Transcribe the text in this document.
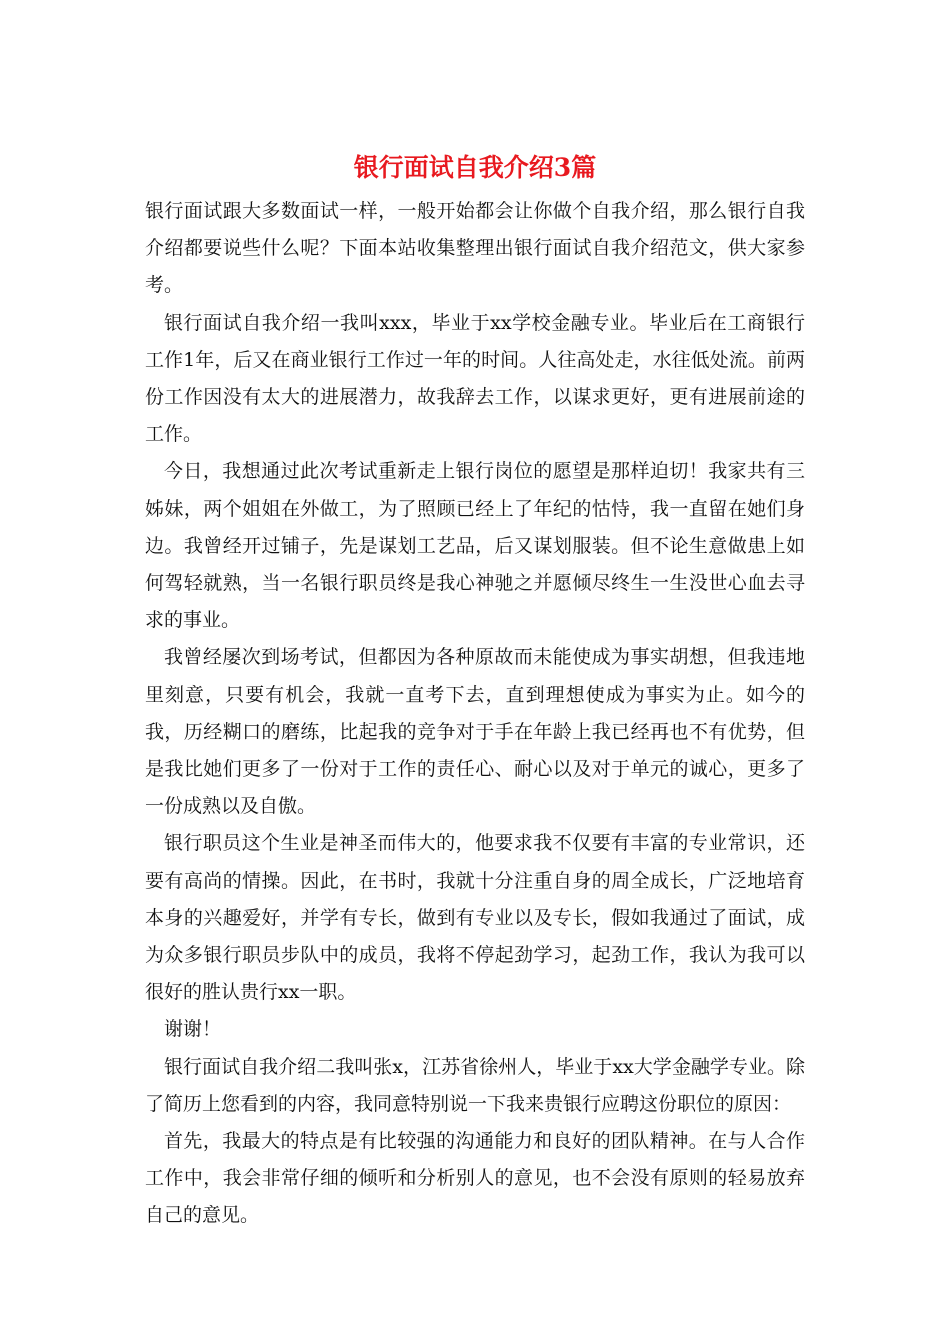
银行面试自我介绍3篇

银行面试跟大多数面试一样，一般开始都会让你做个自我介绍，那么银行自我介绍都要说些什么呢？下面本站收集整理出银行面试自我介绍范文，供大家参考。

银行面试自我介绍一我叫xxx，毕业于xx学校金融专业。毕业后在工商银行工作1年，后又在商业银行工作过一年的时间。人往高处走，水往低处流。前两份工作因没有太大的进展潜力，故我辞去工作，以谋求更好，更有进展前途的工作。

今日，我想通过此次考试重新走上银行岗位的愿望是那样迫切！我家共有三姊妹，两个姐姐在外做工，为了照顾已经上了年纪的怙恃，我一直留在她们身边。我曾经开过铺子，先是谋划工艺品，后又谋划服装。但不论生意做患上如何驾轻就熟，当一名银行职员终是我心神驰之并愿倾尽终生一生没世心血去寻求的事业。

我曾经屡次到场考试，但都因为各种原故而未能使成为事实胡想，但我违地里刻意，只要有机会，我就一直考下去，直到理想使成为事实为止。如今的我，历经糊口的磨练，比起我的竞争对于手在年龄上我已经再也不有优势，但是我比她们更多了一份对于工作的责任心、耐心以及对于单元的诚心，更多了一份成熟以及自傲。

银行职员这个生业是神圣而伟大的，他要求我不仅要有丰富的专业常识，还要有高尚的情操。因此，在书时，我就十分注重自身的周全成长，广泛地培育本身的兴趣爱好，并学有专长，做到有专业以及专长，假如我通过了面试，成为众多银行职员步队中的成员，我将不停起劲学习，起劲工作，我认为我可以很好的胜认贵行xx一职。

谢谢！

银行面试自我介绍二我叫张x，江苏省徐州人，毕业于xx大学金融学专业。除了简历上您看到的内容，我同意特别说一下我来贵银行应聘这份职位的原因：

首先，我最大的特点是有比较强的沟通能力和良好的团队精神。在与人合作工作中，我会非常仔细的倾听和分析别人的意见，也不会没有原则的轻易放弃自己的意见。
